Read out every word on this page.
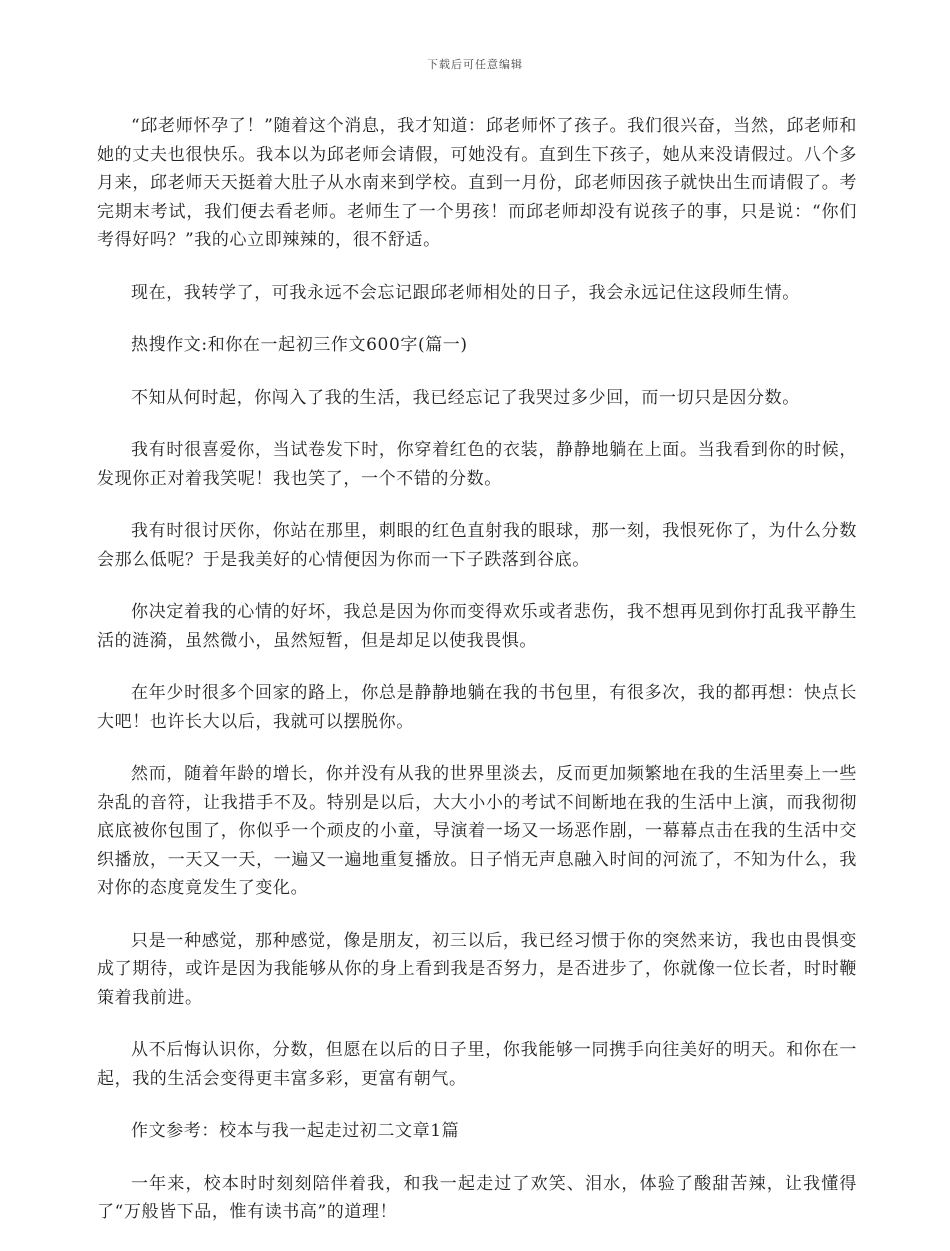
下载后可任意编辑

“邱老师怀孕了！”随着这个消息，我才知道：邱老师怀了孩子。我们很兴奋，当然，邱老师和她的丈夫也很快乐。我本以为邱老师会请假，可她没有。直到生下孩子，她从来没请假过。八个多月来，邱老师天天挺着大肚子从水南来到学校。直到一月份，邱老师因孩子就快出生而请假了。考完期末考试，我们便去看老师。老师生了一个男孩！而邱老师却没有说孩子的事，只是说：“你们考得好吗？”我的心立即辣辣的，很不舒适。

现在，我转学了，可我永远不会忘记跟邱老师相处的日子，我会永远记住这段师生情。

热搜作文:和你在一起初三作文600字(篇一)

不知从何时起，你闯入了我的生活，我已经忘记了我哭过多少回，而一切只是因分数。

我有时很喜爱你，当试卷发下时，你穿着红色的衣装，静静地躺在上面。当我看到你的时候，发现你正对着我笑呢！我也笑了，一个不错的分数。

我有时很讨厌你，你站在那里，刺眼的红色直射我的眼球，那一刻，我恨死你了，为什么分数会那么低呢？于是我美好的心情便因为你而一下子跌落到谷底。

你决定着我的心情的好坏，我总是因为你而变得欢乐或者悲伤，我不想再见到你打乱我平静生活的涟漪，虽然微小，虽然短暂，但是却足以使我畏惧。

在年少时很多个回家的路上，你总是静静地躺在我的书包里，有很多次，我的都再想：快点长大吧！也许长大以后，我就可以摆脱你。

然而，随着年龄的增长，你并没有从我的世界里淡去，反而更加频繁地在我的生活里奏上一些杂乱的音符，让我措手不及。特别是以后，大大小小的考试不间断地在我的生活中上演，而我彻彻底底被你包围了，你似乎一个顽皮的小童，导演着一场又一场恶作剧，一幕幕点击在我的生活中交织播放，一天又一天，一遍又一遍地重复播放。日子悄无声息融入时间的河流了，不知为什么，我对你的态度竟发生了变化。

只是一种感觉，那种感觉，像是朋友，初三以后，我已经习惯于你的突然来访，我也由畏惧变成了期待，或许是因为我能够从你的身上看到我是否努力，是否进步了，你就像一位长者，时时鞭策着我前进。

从不后悔认识你，分数，但愿在以后的日子里，你我能够一同携手向往美好的明天。和你在一起，我的生活会变得更丰富多彩，更富有朝气。

作文参考：校本与我一起走过初二文章1篇

一年来，校本时时刻刻陪伴着我，和我一起走过了欢笑、泪水，体验了酸甜苦辣，让我懂得了“万般皆下品，惟有读书高”的道理！
